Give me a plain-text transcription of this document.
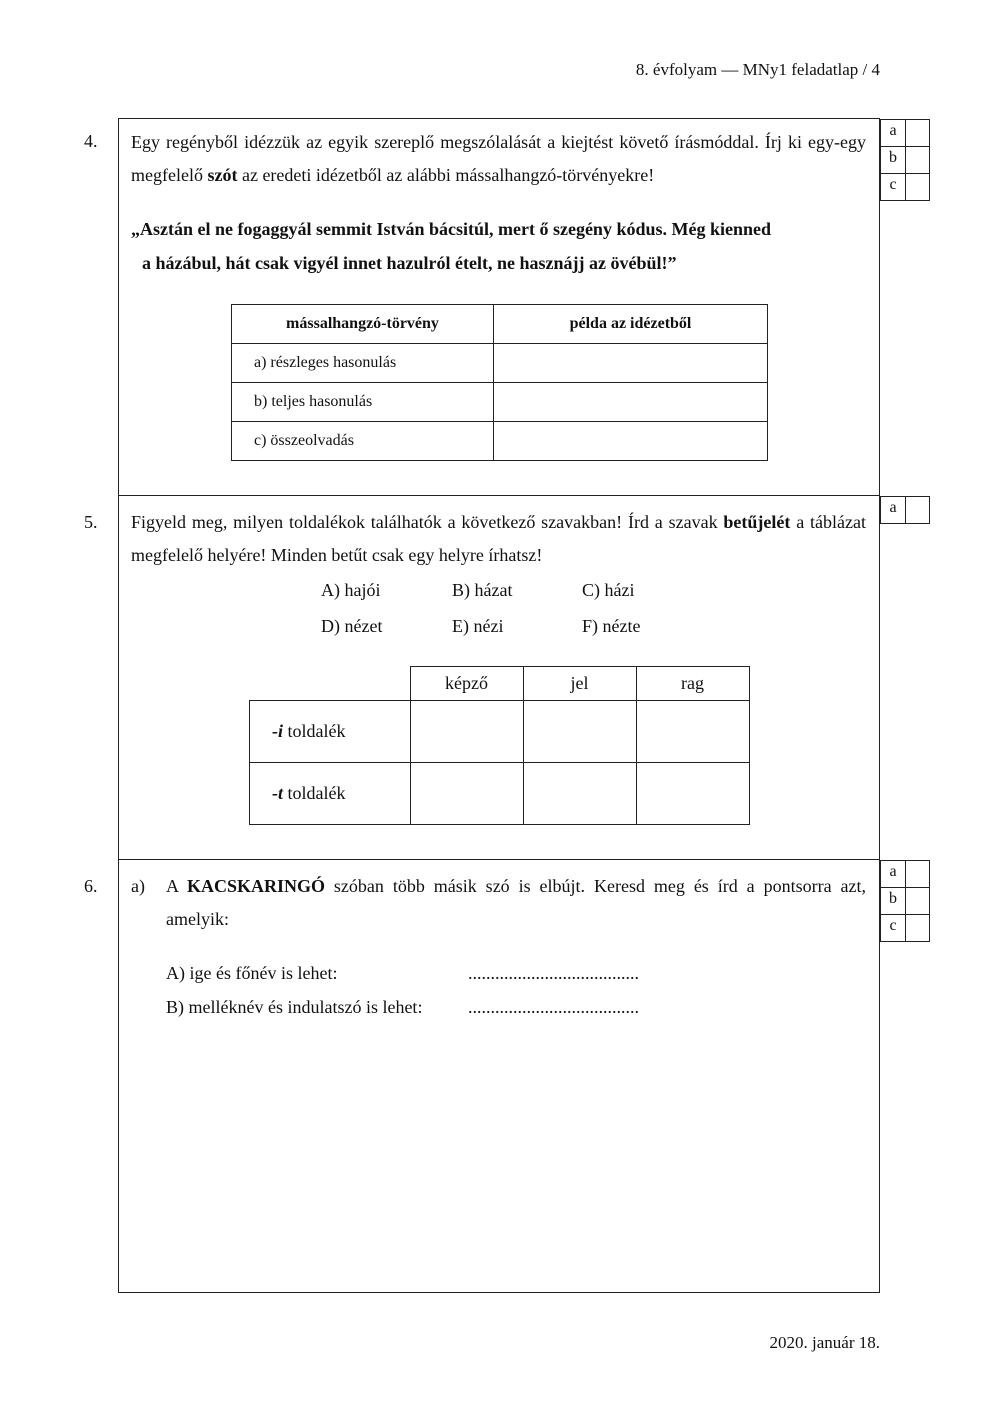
8. évfolyam — MNy1 feladatlap / 4
4. Egy regényből idézzük az egyik szereplő megszólalását a kiejtést követő írásmóddal. Írj ki egy-egy megfelelő szót az eredeti idézetből az alábbi mássalhangzó-törvényekre!
„Asztán el ne fogaggyál semmit István bácsitúl, mert ő szegény kódus. Még kienned
a házábul, hát csak vigyél innet hazulról ételt, ne hasznájj az övébül!”
mássalhangzó-törvény	példa az idézetből
a) részleges hasonulás	
b) teljes hasonulás	
c) összeolvadás	
a	
b	
c	
5. Figyeld meg, milyen toldalékok találhatók a következő szavakban! Írd a szavak betűjelét a táblázat megfelelő helyére! Minden betűt csak egy helyre írhatsz!
A) hajói	B) házat	C) házi
D) nézet	E) nézi	F) nézte
	képző	jel	rag
-i toldalék			
-t toldalék			
a	
6. a) A KACSKARINGÓ szóban több másik szó is elbújt. Keresd meg és írd a pontsorra azt, amelyik:
A) ige és főnév is lehet:	......................................
B) melléknév és indulatszó is lehet:	......................................
a	
b	
c	
2020. január 18.
